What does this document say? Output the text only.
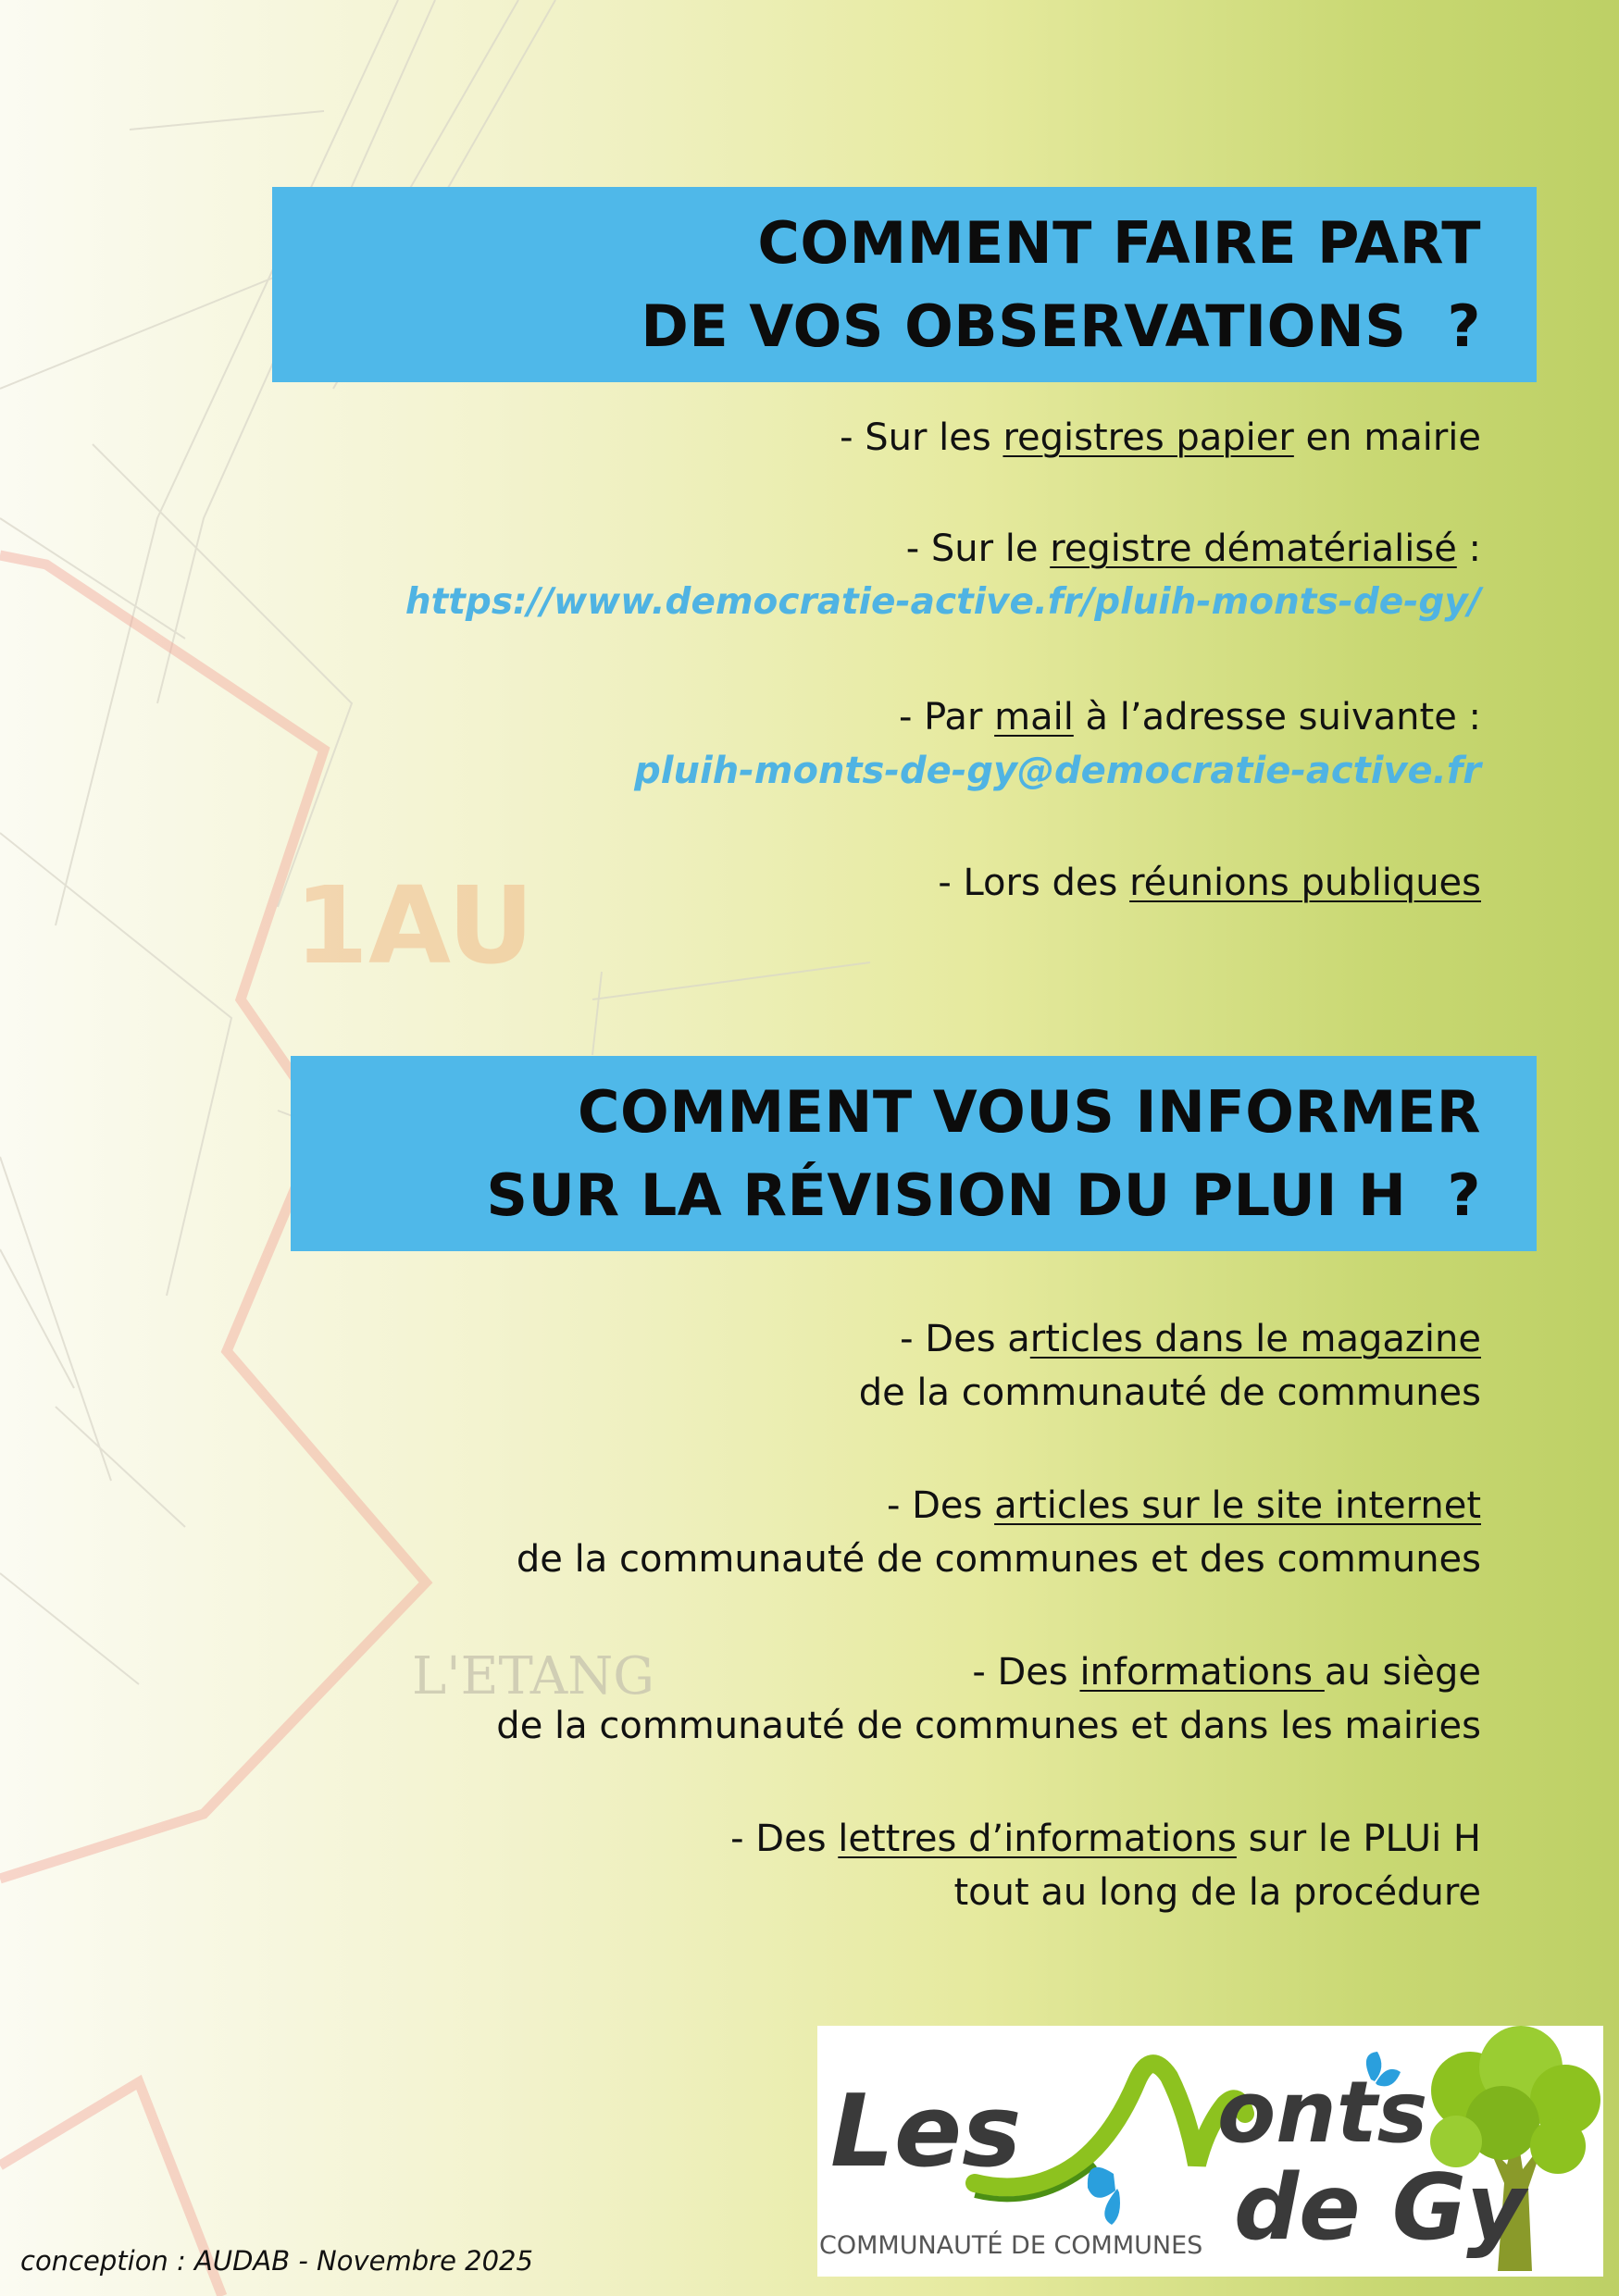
1AU
L'ETANG
COMMENT FAIRE PART
DE VOS OBSERVATIONS  ?
- Sur les registres papier en mairie
- Sur le registre dématérialisé :
https://www.democratie-active.fr/pluih-monts-de-gy/
- Par mail à l’adresse suivante :
pluih-monts-de-gy@democratie-active.fr
- Lors des réunions publiques
COMMENT VOUS INFORMER
SUR LA RÉVISION DU PLUI H  ?
- Des articles dans le magazine
de la communauté de communes
- Des articles sur le site internet
de la communauté de communes et des communes
- Des informations au siège
de la communauté de communes et dans les mairies
- Des lettres d’informations sur le PLUi H
tout au long de la procédure
conception : AUDAB - Novembre 2025
Les onts
de Gy
COMMUNAUTÉ DE COMMUNES
